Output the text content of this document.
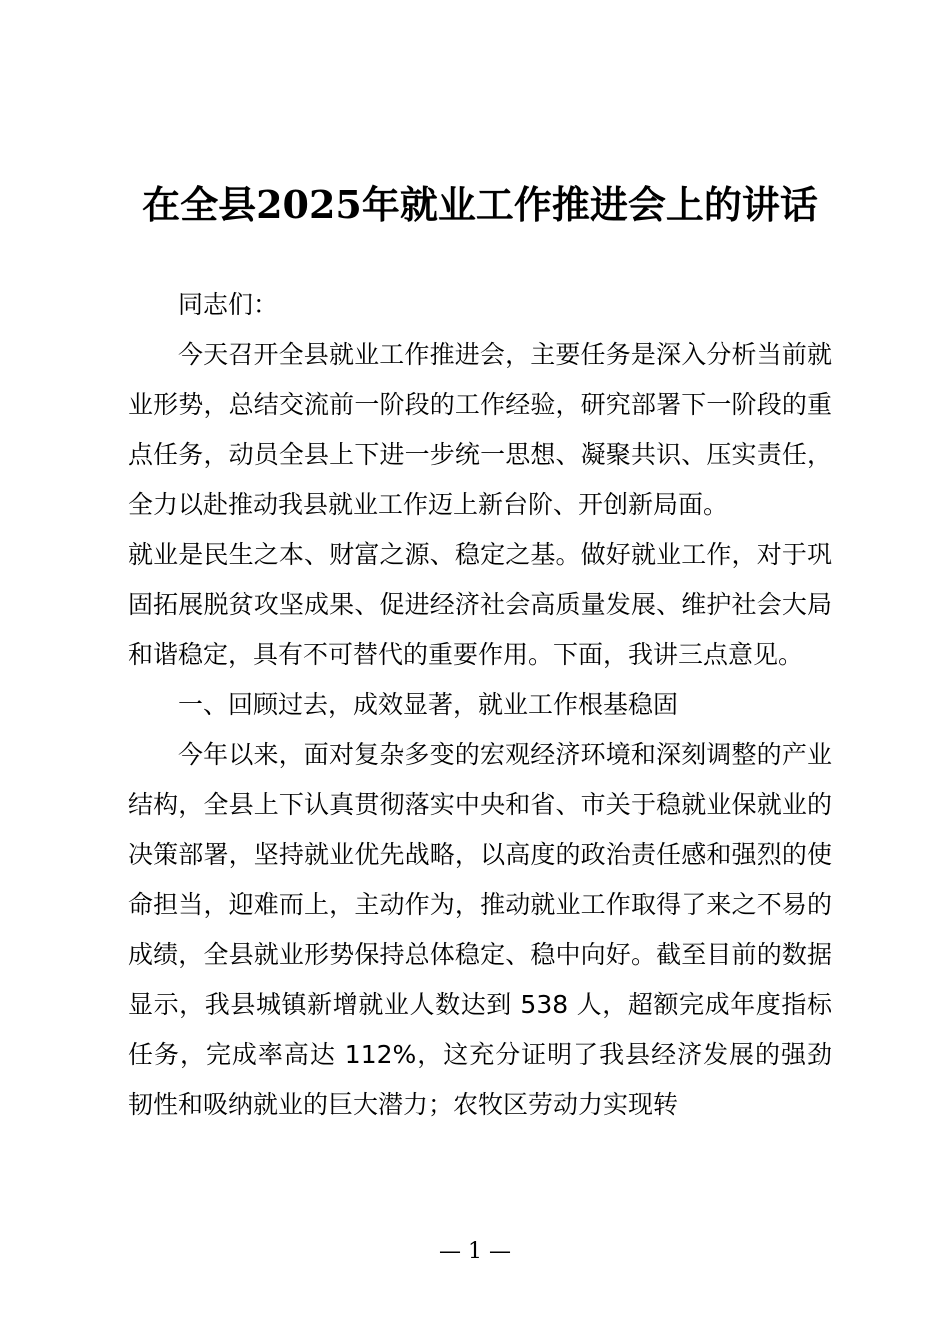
在全县2025年就业工作推进会上的讲话

同志们：

今天召开全县就业工作推进会，主要任务是深入分析当前就业形势，总结交流前一阶段的工作经验，研究部署下一阶段的重点任务，动员全县上下进一步统一思想、凝聚共识、压实责任，全力以赴推动我县就业工作迈上新台阶、开创新局面。

就业是民生之本、财富之源、稳定之基。做好就业工作，对于巩固拓展脱贫攻坚成果、促进经济社会高质量发展、维护社会大局和谐稳定，具有不可替代的重要作用。下面，我讲三点意见。

一、回顾过去，成效显著，就业工作根基稳固

今年以来，面对复杂多变的宏观经济环境和深刻调整的产业结构，全县上下认真贯彻落实中央和省、市关于稳就业保就业的决策部署，坚持就业优先战略，以高度的政治责任感和强烈的使命担当，迎难而上，主动作为，推动就业工作取得了来之不易的成绩，全县就业形势保持总体稳定、稳中向好。截至目前的数据显示，我县城镇新增就业人数达到 538 人，超额完成年度指标任务，完成率高达 112%，这充分证明了我县经济发展的强劲韧性和吸纳就业的巨大潜力；农牧区劳动力实现转

— 1 —
